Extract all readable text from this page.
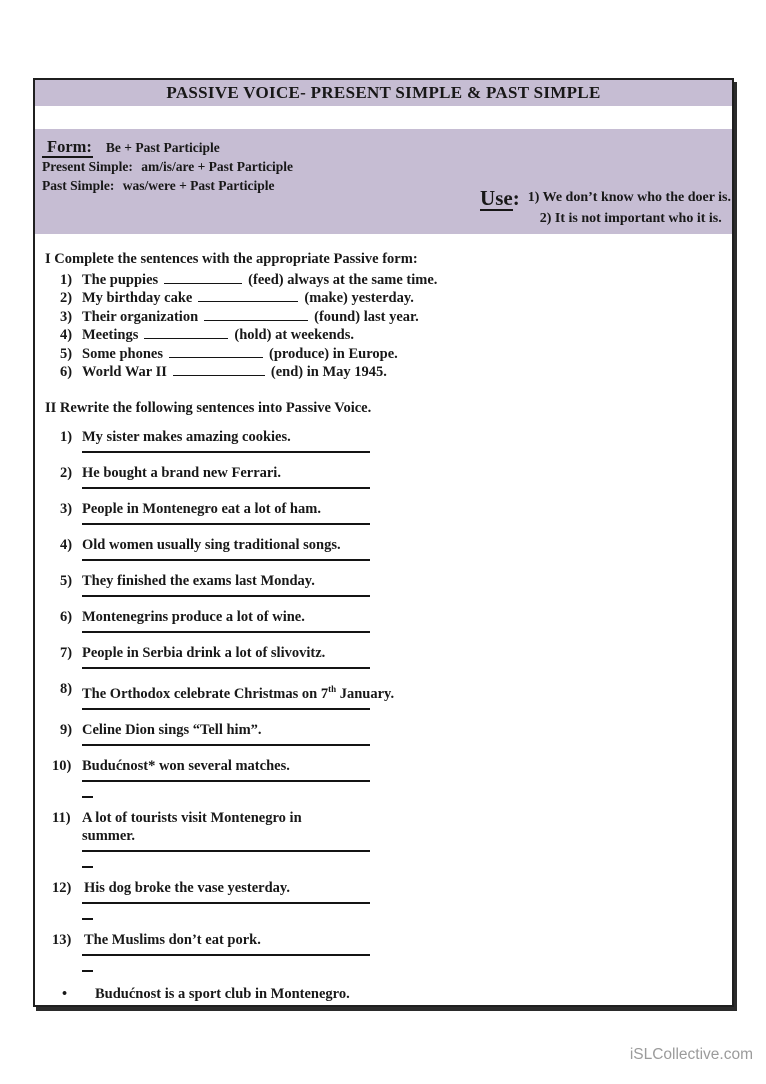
PASSIVE VOICE- PRESENT SIMPLE & PAST SIMPLE
Form: Be + Past Participle
Present Simple: am/is/are + Past Participle
Past Simple: was/were + Past Participle
Use : 1) We don’t know who the doer is.
2) It is not important who it is.
I Complete the sentences with the appropriate Passive form:
1) The puppies	(feed) always at the same time.
2) My birthday cake	(make) yesterday.
3) Their organization	(found) last year.
4) Meetings	(hold) at weekends.
5) Some phones	(produce) in Europe.
6) World War II	(end) in May 1945.
II Rewrite the following sentences into Passive Voice.
1) My sister makes amazing cookies.
2) He bought a brand new Ferrari.
3) People in Montenegro eat a lot of ham.
4) Old women usually sing traditional songs.
5) They finished the exams last Monday.
6) Montenegrins produce a lot of wine.
7) People in Serbia drink a lot of slivovitz.
8) The Orthodox celebrate Christmas on 7th January.
9) Celine Dion sings “Tell him”.
10) Budućnost* won several matches.
11) A lot of tourists visit Montenegro in
summer.
12) His dog broke the vase yesterday.
13) The Muslims don’t eat pork.
• Budućnost is a sport club in Montenegro.
iSLCollective.com
